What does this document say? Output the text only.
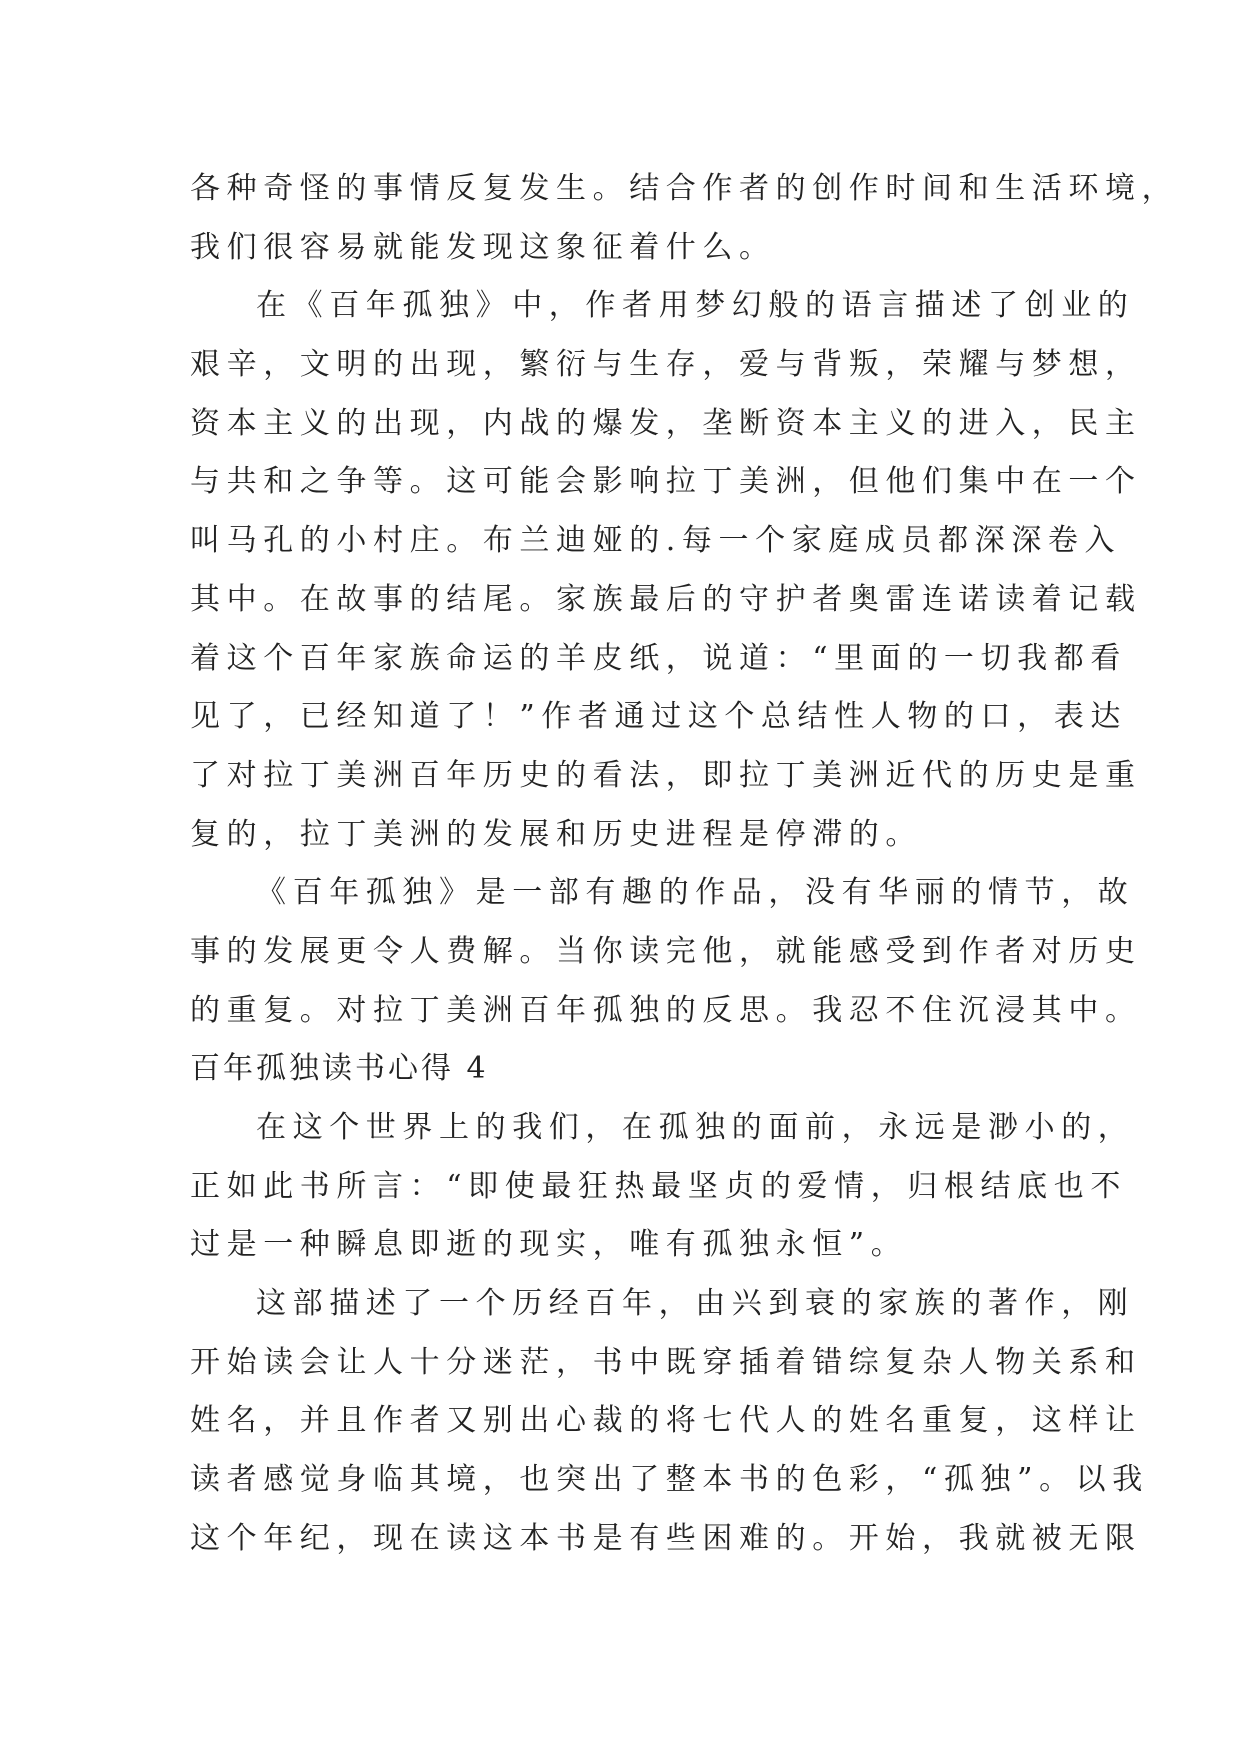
各种奇怪的事情反复发生。结合作者的创作时间和生活环境，
我们很容易就能发现这象征着什么。
在《百年孤独》中，作者用梦幻般的语言描述了创业的
艰辛，文明的出现，繁衍与生存，爱与背叛，荣耀与梦想，
资本主义的出现，内战的爆发，垄断资本主义的进入，民主
与共和之争等。这可能会影响拉丁美洲，但他们集中在一个
叫马孔的小村庄。布兰迪娅的.每一个家庭成员都深深卷入
其中。在故事的结尾。家族最后的守护者奥雷连诺读着记载
着这个百年家族命运的羊皮纸，说道：“里面的一切我都看
见了，已经知道了！”作者通过这个总结性人物的口，表达
了对拉丁美洲百年历史的看法，即拉丁美洲近代的历史是重
复的，拉丁美洲的发展和历史进程是停滞的。
《百年孤独》是一部有趣的作品，没有华丽的情节，故
事的发展更令人费解。当你读完他，就能感受到作者对历史
的重复。对拉丁美洲百年孤独的反思。我忍不住沉浸其中。
百年孤独读书心得 4
在这个世界上的我们，在孤独的面前，永远是渺小的，
正如此书所言：“即使最狂热最坚贞的爱情，归根结底也不
过是一种瞬息即逝的现实，唯有孤独永恒”。
这部描述了一个历经百年，由兴到衰的家族的著作，刚
开始读会让人十分迷茫，书中既穿插着错综复杂人物关系和
姓名，并且作者又别出心裁的将七代人的姓名重复，这样让
读者感觉身临其境，也突出了整本书的色彩，“孤独”。以我
这个年纪，现在读这本书是有些困难的。开始，我就被无限
